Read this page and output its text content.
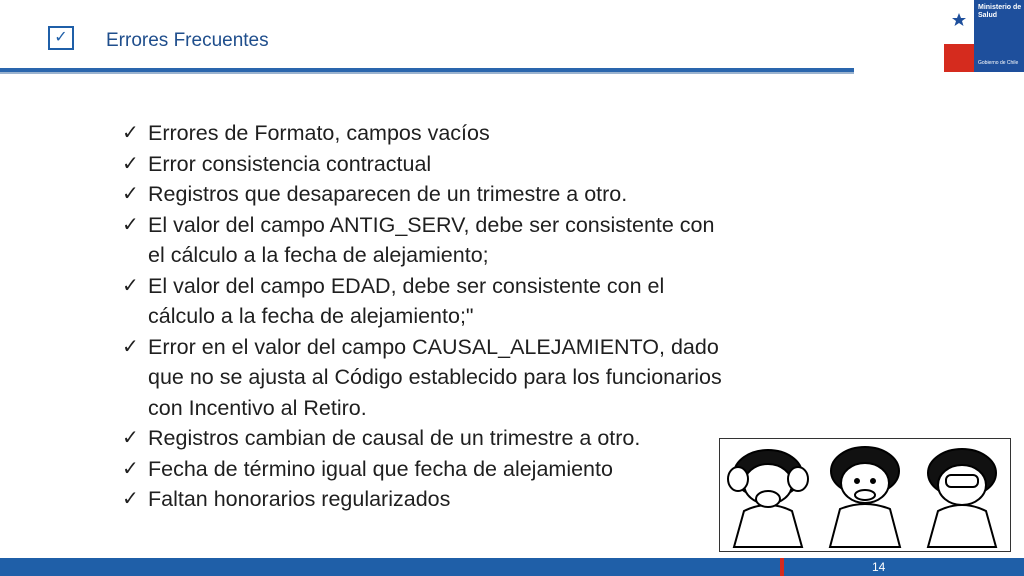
✓	Errores Frecuentes
Ministerio de
Salud
Gobierno de Chile
✓ Errores de Formato, campos vacíos
✓ Error consistencia contractual
✓ Registros que desaparecen de un trimestre a otro.
✓ El valor del campo ANTIG_SERV, debe ser consistente con el cálculo a la fecha de alejamiento;
✓ El valor del campo EDAD, debe ser consistente con el cálculo a la fecha de alejamiento;"
✓ Error en el valor del campo CAUSAL_ALEJAMIENTO, dado que no se ajusta al Código establecido para los funcionarios con Incentivo al Retiro.
✓ Registros cambian de causal de un trimestre a otro.
✓ Fecha de término igual que fecha de alejamiento
✓ Faltan honorarios regularizados
14
